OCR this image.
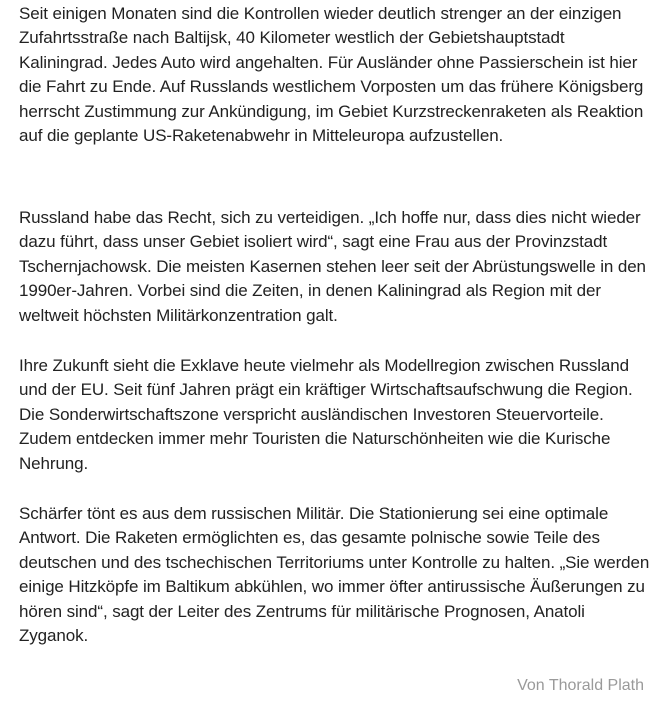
Seit einigen Monaten sind die Kontrollen wieder deutlich strenger an der einzigen Zufahrtsstraße nach Baltijsk, 40 Kilometer westlich der Gebietshauptstadt Kaliningrad. Jedes Auto wird angehalten. Für Ausländer ohne Passierschein ist hier die Fahrt zu Ende. Auf Russlands westlichem Vorposten um das frühere Königsberg herrscht Zustimmung zur Ankündigung, im Gebiet Kurzstreckenraketen als Reaktion auf die geplante US-Raketenabwehr in Mitteleuropa aufzustellen.

Russland habe das Recht, sich zu verteidigen. „Ich hoffe nur, dass dies nicht wieder dazu führt, dass unser Gebiet isoliert wird“, sagt eine Frau aus der Provinzstadt Tschernjachowsk. Die meisten Kasernen stehen leer seit der Abrüstungswelle in den 1990er-Jahren. Vorbei sind die Zeiten, in denen Kaliningrad als Region mit der weltweit höchsten Militärkonzentration galt.

Ihre Zukunft sieht die Exklave heute vielmehr als Modellregion zwischen Russland und der EU. Seit fünf Jahren prägt ein kräftiger Wirtschaftsaufschwung die Region. Die Sonderwirtschaftszone verspricht ausländischen Investoren Steuervorteile. Zudem entdecken immer mehr Touristen die Naturschönheiten wie die Kurische Nehrung.

Schärfer tönt es aus dem russischen Militär. Die Stationierung sei eine optimale Antwort. Die Raketen ermöglichten es, das gesamte polnische sowie Teile des deutschen und des tschechischen Territoriums unter Kontrolle zu halten. „Sie werden einige Hitzköpfe im Baltikum abkühlen, wo immer öfter antirussische Äußerungen zu hören sind“, sagt der Leiter des Zentrums für militärische Prognosen, Anatoli Zyganok.

Von Thorald Plath
